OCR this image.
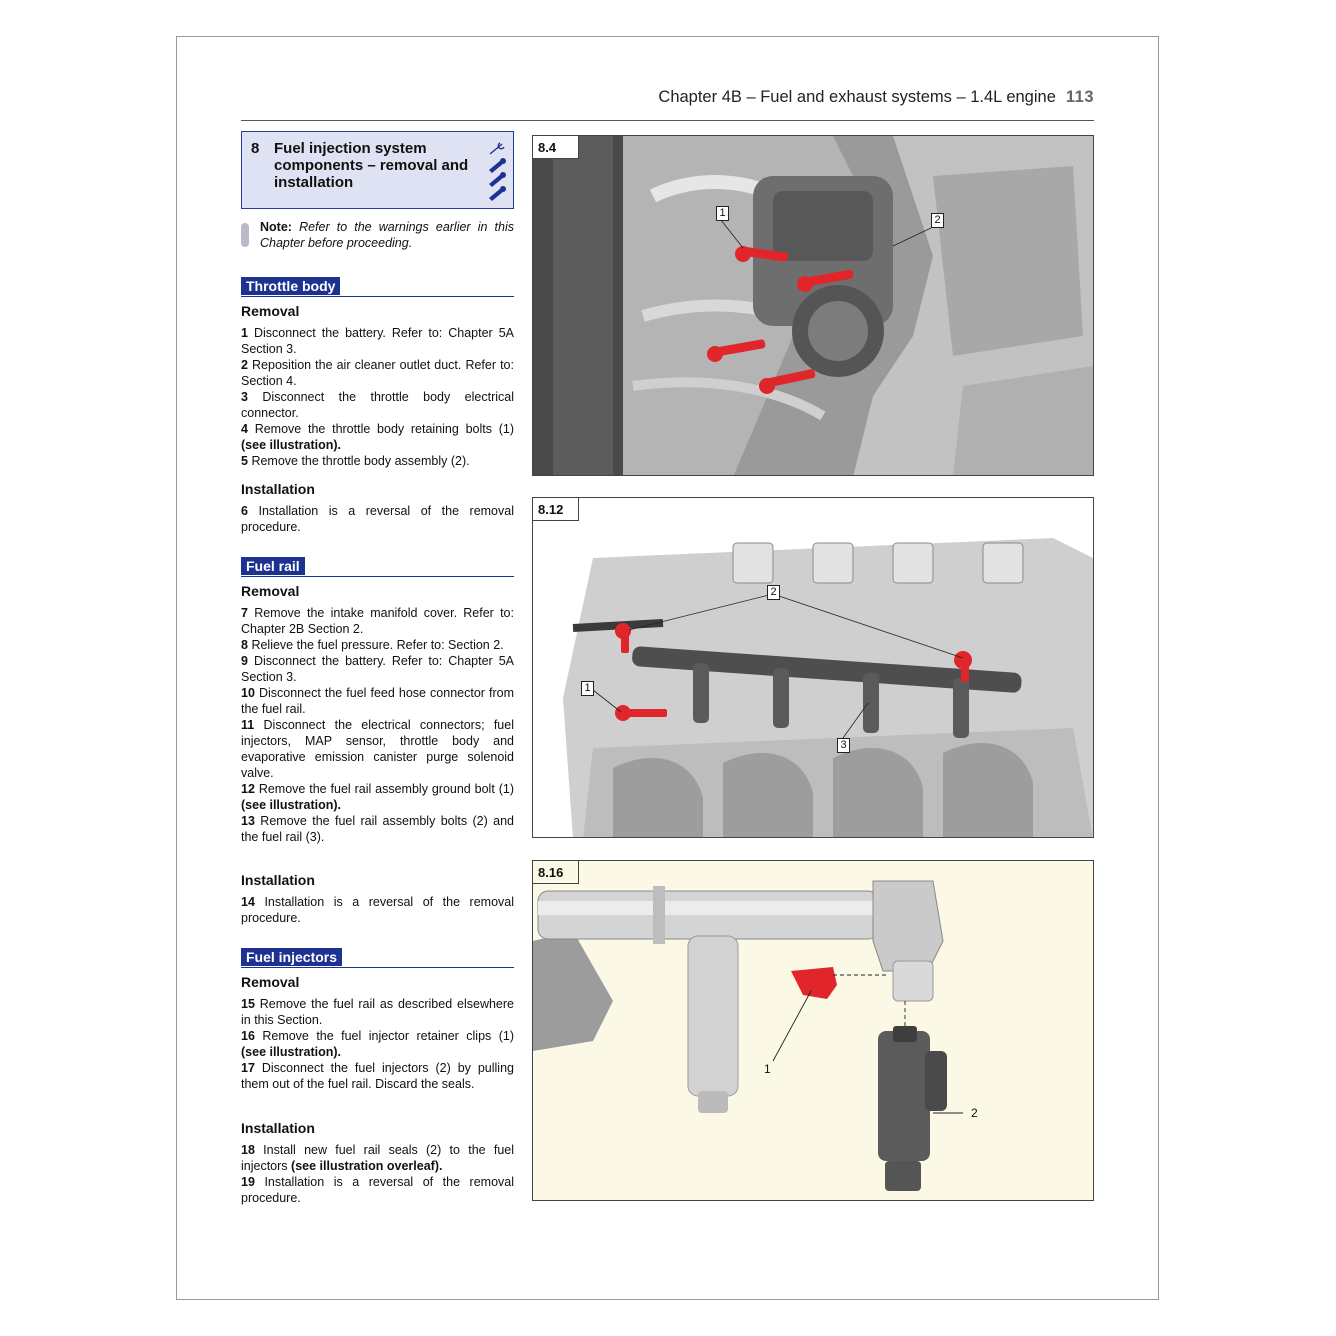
Chapter 4B – Fuel and exhaust systems – 1.4L engine 113
8 Fuel injection system components – removal and installation
Note: Refer to the warnings earlier in this Chapter before proceeding.
Throttle body
Removal
1 Disconnect the battery. Refer to: Chapter 5A Section 3.
2 Reposition the air cleaner outlet duct. Refer to: Section 4.
3 Disconnect the throttle body electrical connector.
4 Remove the throttle body retaining bolts (1) (see illustration).
5 Remove the throttle body assembly (2).
Installation
6 Installation is a reversal of the removal procedure.
Fuel rail
Removal
7 Remove the intake manifold cover. Refer to: Chapter 2B Section 2.
8 Relieve the fuel pressure. Refer to: Section 2.
9 Disconnect the battery. Refer to: Chapter 5A Section 3.
10 Disconnect the fuel feed hose connector from the fuel rail.
11 Disconnect the electrical connectors; fuel injectors, MAP sensor, throttle body and evaporative emission canister purge solenoid valve.
12 Remove the fuel rail assembly ground bolt (1) (see illustration).
13 Remove the fuel rail assembly bolts (2) and the fuel rail (3).
Installation
14 Installation is a reversal of the removal procedure.
Fuel injectors
Removal
15 Remove the fuel rail as described elsewhere in this Section.
16 Remove the fuel injector retainer clips (1) (see illustration).
17 Disconnect the fuel injectors (2) by pulling them out of the fuel rail. Discard the seals.
Installation
18 Install new fuel rail seals (2) to the fuel injectors (see illustration overleaf).
19 Installation is a reversal of the removal procedure.
8.4
1
2
8.12
2
1
3
8.16
1
2
